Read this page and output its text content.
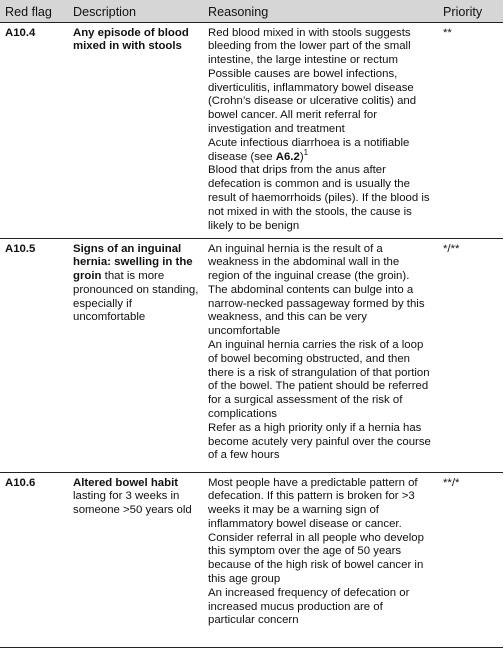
Red flag	Description	Reasoning	Priority
A10.4	Any episode of blood mixed in with stools	Red blood mixed in with stools suggests bleeding from the lower part of the small intestine, the large intestine or rectum
Possible causes are bowel infections, diverticulitis, inflammatory bowel disease (Crohn’s disease or ulcerative colitis) and bowel cancer. All merit referral for investigation and treatment
Acute infectious diarrhoea is a notifiable disease (see A6.2)$^1$
Blood that drips from the anus after defecation is common and is usually the result of haemorrhoids (piles). If the blood is not mixed in with the stools, the cause is likely to be benign	**
A10.5	Signs of an inguinal hernia: swelling in the groin that is more pronounced on standing, especially if uncomfortable	An inguinal hernia is the result of a weakness in the abdominal wall in the region of the inguinal crease (the groin). The abdominal contents can bulge into a narrow-necked passageway formed by this weakness, and this can be very uncomfortable
An inguinal hernia carries the risk of a loop of bowel becoming obstructed, and then there is a risk of strangulation of that portion of the bowel. The patient should be referred for a surgical assessment of the risk of complications
Refer as a high priority only if a hernia has become acutely very painful over the course of a few hours	*/**
A10.6	Altered bowel habit lasting for 3 weeks in someone >50 years old	Most people have a predictable pattern of defecation. If this pattern is broken for >3 weeks it may be a warning sign of inflammatory bowel disease or cancer.
Consider referral in all people who develop this symptom over the age of 50 years because of the high risk of bowel cancer in this age group
An increased frequency of defecation or increased mucus production are of particular concern	**/*
